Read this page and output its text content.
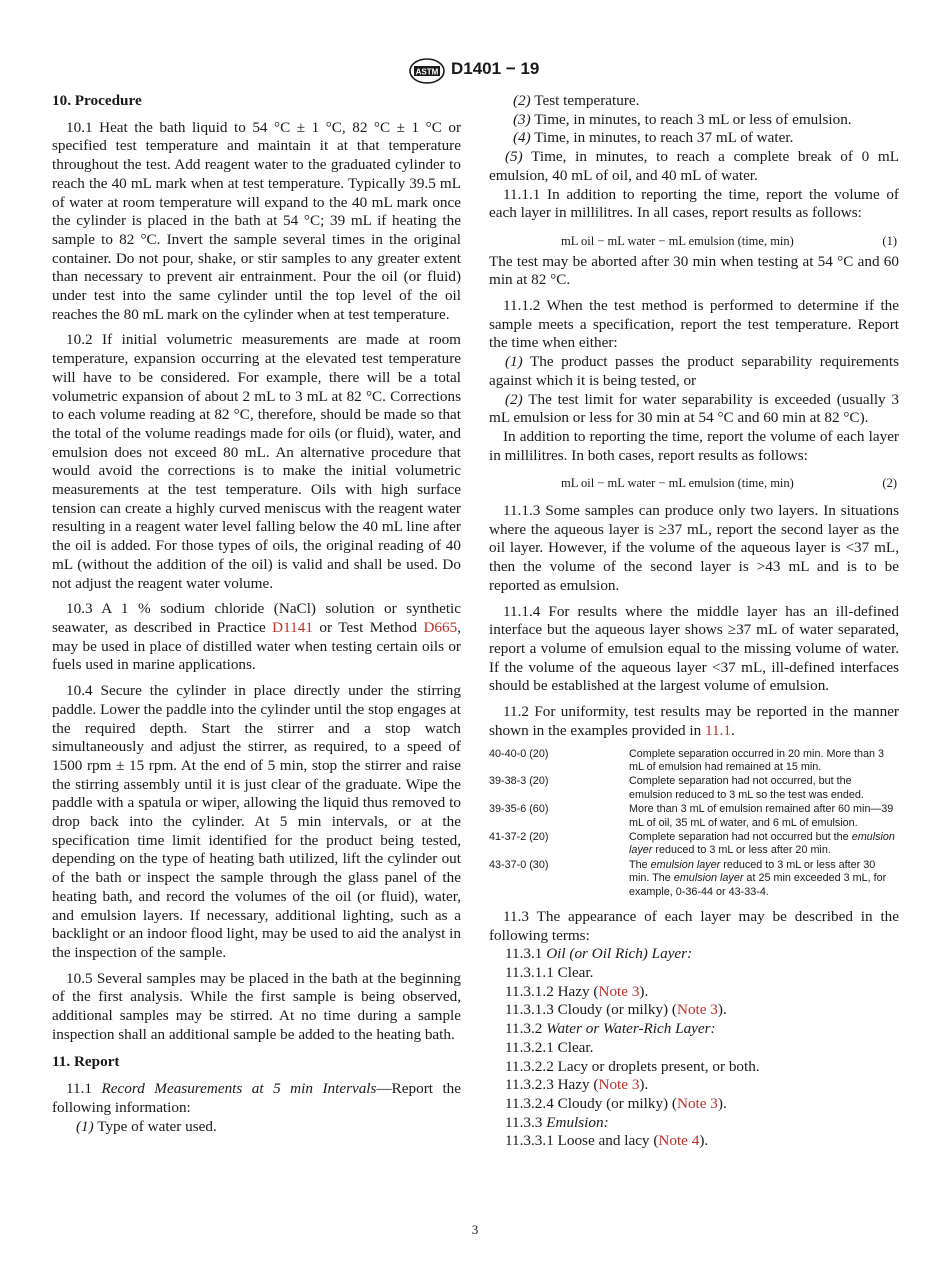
ASTM D1401 − 19
10. Procedure

10.1 Heat the bath liquid to 54 °C ± 1 °C, 82 °C ± 1 °C or specified test temperature and maintain it at that temperature throughout the test. Add reagent water to the graduated cylinder to reach the 40 mL mark when at test temperature. Typically 39.5 mL of water at room temperature will expand to the 40 mL mark once the cylinder is placed in the bath at 54 °C; 39 mL if heating the sample to 82 °C. Invert the sample several times in the original container. Do not pour, shake, or stir samples to any greater extent than necessary to prevent air entrainment. Pour the oil (or fluid) under test into the same cylinder until the top level of the oil reaches the 80 mL mark on the cylinder when at test temperature.

10.2 If initial volumetric measurements are made at room temperature, expansion occurring at the elevated test temperature will have to be considered. For example, there will be a total volumetric expansion of about 2 mL to 3 mL at 82 °C. Corrections to each volume reading at 82 °C, therefore, should be made so that the total of the volume readings made for oils (or fluid), water, and emulsion does not exceed 80 mL. An alternative procedure that would avoid the corrections is to make the initial volumetric measurements at the test temperature. Oils with high surface tension can create a highly curved meniscus with the reagent water resulting in a reagent water level falling below the 40 mL line after the oil is added. For those types of oils, the original reading of 40 mL (without the addition of the oil) is valid and shall be used. Do not adjust the reagent water volume.

10.3 A 1 % sodium chloride (NaCl) solution or synthetic seawater, as described in Practice D1141 or Test Method D665, may be used in place of distilled water when testing certain oils or fuels used in marine applications.

10.4 Secure the cylinder in place directly under the stirring paddle. Lower the paddle into the cylinder until the stop engages at the required depth. Start the stirrer and a stop watch simultaneously and adjust the stirrer, as required, to a speed of 1500 rpm ± 15 rpm. At the end of 5 min, stop the stirrer and raise the stirring assembly until it is just clear of the graduate. Wipe the paddle with a spatula or wiper, allowing the liquid thus removed to drop back into the cylinder. At 5 min intervals, or at the specification time limit identified for the product being tested, depending on the type of heating bath utilized, lift the cylinder out of the bath or inspect the sample through the glass panel of the heating bath, and record the volumes of the oil (or fluid), water, and emulsion layers. If necessary, additional lighting, such as a backlight or an indoor flood light, may be used to aid the analyst in the inspection of the sample.

10.5 Several samples may be placed in the bath at the beginning of the first analysis. While the first sample is being observed, additional samples may be stirred. At no time during a sample inspection shall an additional sample be added to the heating bath.

11. Report

11.1 Record Measurements at 5 min Intervals—Report the following information:

(1) Type of water used.

(2) Test temperature.

(3) Time, in minutes, to reach 3 mL or less of emulsion.

(4) Time, in minutes, to reach 37 mL of water.

(5) Time, in minutes, to reach a complete break of 0 mL emulsion, 40 mL of oil, and 40 mL of water.

11.1.1 In addition to reporting the time, report the volume of each layer in millilitres. In all cases, report results as follows:

mL oil − mL water − mL emulsion (time, min)	(1)

The test may be aborted after 30 min when testing at 54 °C and 60 min at 82 °C.

11.1.2 When the test method is performed to determine if the sample meets a specification, report the test temperature. Report the time when either:

(1) The product passes the product separability requirements against which it is being tested, or

(2) The test limit for water separability is exceeded (usually 3 mL emulsion or less for 30 min at 54 °C and 60 min at 82 °C).

In addition to reporting the time, report the volume of each layer in millilitres. In both cases, report results as follows:

mL oil − mL water − mL emulsion (time, min)	(2)

11.1.3 Some samples can produce only two layers. In situations where the aqueous layer is ≥37 mL, report the second layer as the oil layer. However, if the volume of the aqueous layer is <37 mL, then the volume of the second layer is >43 mL and is to be reported as emulsion.

11.1.4 For results where the middle layer has an ill-defined interface but the aqueous layer shows ≥37 mL of water separated, report a volume of emulsion equal to the missing volume of water. If the volume of the aqueous layer <37 mL, ill-defined interfaces should be established at the largest volume of emulsion.

11.2 For uniformity, test results may be reported in the manner shown in the examples provided in 11.1.

40-40-0 (20)	Complete separation occurred in 20 min. More than 3 mL of emulsion had remained at 15 min.
39-38-3 (20)	Complete separation had not occurred, but the emulsion reduced to 3 mL so the test was ended.
39-35-6 (60)	More than 3 mL of emulsion remained after 60 min—39 mL of oil, 35 mL of water, and 6 mL of emulsion.
41-37-2 (20)	Complete separation had not occurred but the emulsion layer reduced to 3 mL or less after 20 min.
43-37-0 (30)	The emulsion layer reduced to 3 mL or less after 30 min. The emulsion layer at 25 min exceeded 3 mL, for example, 0-36-44 or 43-33-4.

11.3 The appearance of each layer may be described in the following terms:

11.3.1 Oil (or Oil Rich) Layer:

11.3.1.1 Clear.

11.3.1.2 Hazy (Note 3).

11.3.1.3 Cloudy (or milky) (Note 3).

11.3.2 Water or Water-Rich Layer:

11.3.2.1 Clear.

11.3.2.2 Lacy or droplets present, or both.

11.3.2.3 Hazy (Note 3).

11.3.2.4 Cloudy (or milky) (Note 3).

11.3.3 Emulsion:

11.3.3.1 Loose and lacy (Note 4).

3
